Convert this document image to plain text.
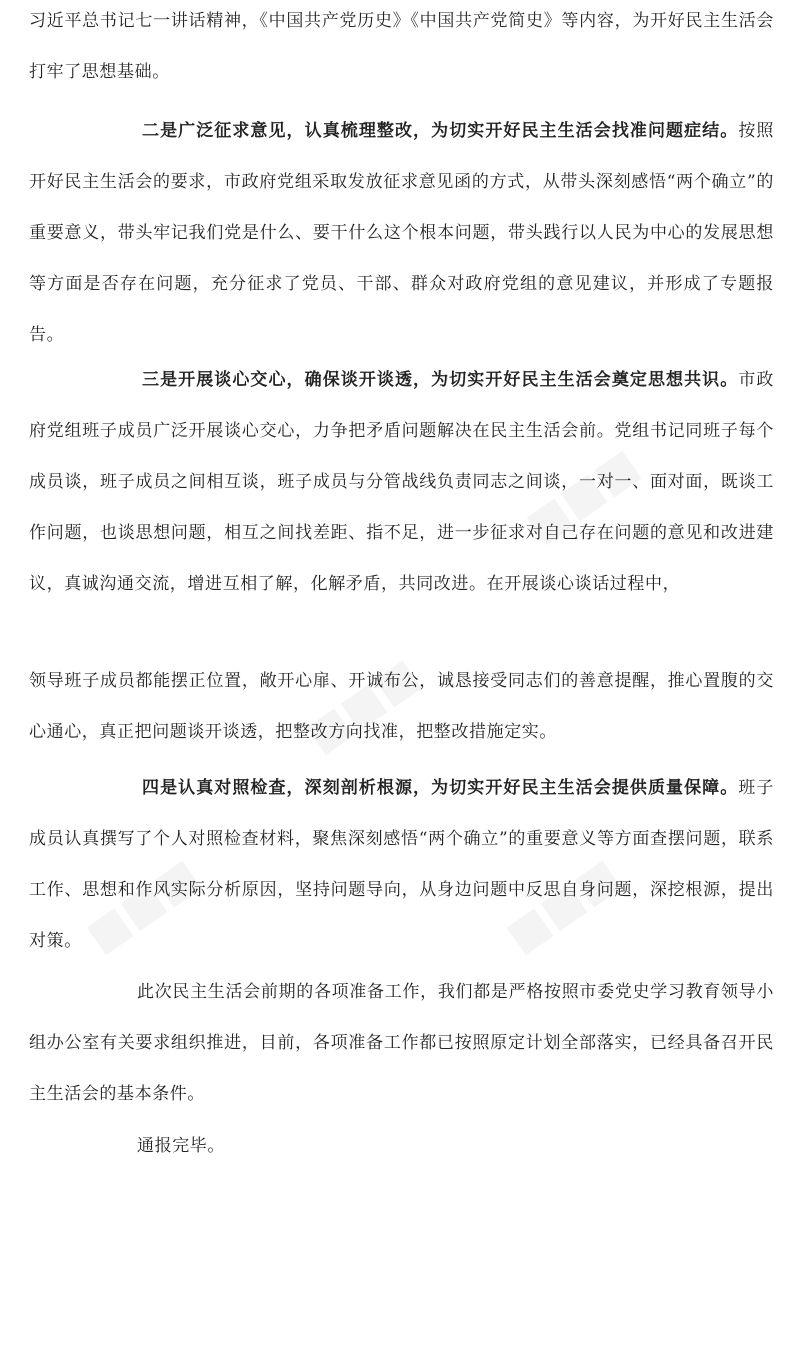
习近平总书记七一讲话精神，《中国共产党历史》《中国共产党简史》等内容，为开好民主生活会打牢了思想基础。

二是广泛征求意见，认真梳理整改，为切实开好民主生活会找准问题症结。按照开好民主生活会的要求，市政府党组采取发放征求意见函的方式，从带头深刻感悟“两个确立”的重要意义，带头牢记我们党是什么、要干什么这个根本问题，带头践行以人民为中心的发展思想等方面是否存在问题，充分征求了党员、干部、群众对政府党组的意见建议，并形成了专题报告。

三是开展谈心交心，确保谈开谈透，为切实开好民主生活会奠定思想共识。市政府党组班子成员广泛开展谈心交心，力争把矛盾问题解决在民主生活会前。党组书记同班子每个成员谈，班子成员之间相互谈，班子成员与分管战线负责同志之间谈，一对一、面对面，既谈工作问题，也谈思想问题，相互之间找差距、指不足，进一步征求对自己存在问题的意见和改进建议，真诚沟通交流，增进互相了解，化解矛盾，共同改进。在开展谈心谈话过程中，

领导班子成员都能摆正位置，敞开心扉、开诚布公，诚恳接受同志们的善意提醒，推心置腹的交心通心，真正把问题谈开谈透，把整改方向找准，把整改措施定实。

四是认真对照检查，深刻剖析根源，为切实开好民主生活会提供质量保障。班子成员认真撰写了个人对照检查材料，聚焦深刻感悟“两个确立”的重要意义等方面查摆问题，联系工作、思想和作风实际分析原因，坚持问题导向，从身边问题中反思自身问题，深挖根源，提出对策。

此次民主生活会前期的各项准备工作，我们都是严格按照市委党史学习教育领导小组办公室有关要求组织推进，目前，各项准备工作都已按照原定计划全部落实，已经具备召开民主生活会的基本条件。

通报完毕。
